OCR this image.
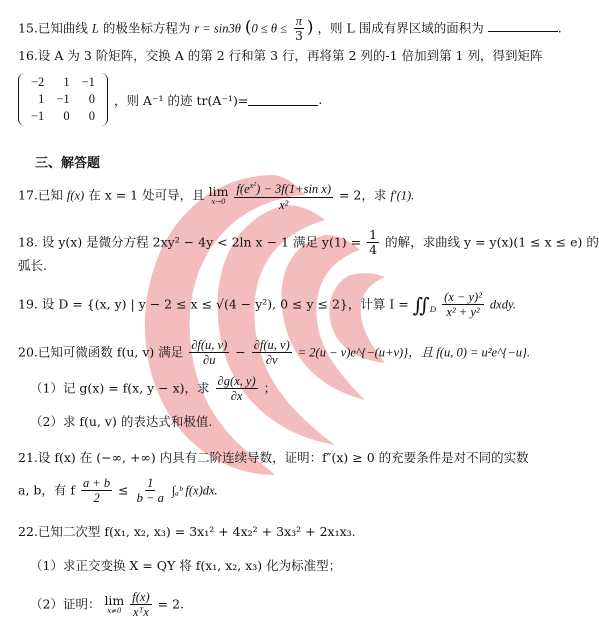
15.已知曲线 L 的极坐标方程为 r = sin3θ ($0 \le \theta \le \frac{\pi}{3}$ ) ，则 L 围成有界区域的面积为	.
16.设 A 为 3 阶矩阵，交换 A 的第 2 行和第 3 行，再将第 2 列的-1 倍加到第 1 列，得到矩阵
−2	1	−1
1	−1	0
−1	0	0
，则 A⁻¹ 的迹 tr(A⁻¹)=	.
三、解答题
17.已知 f(x) 在 x = 1 处可导，且 lim
x→0
$\frac{f(e^{x^2}) - 3f(1+\sin x)}{\text{x²}} = 2$，求 f′(1).
18. 设 y(x) 是微分方程 2xy² − 4y < 2ln x − 1 满足 $y(1) = \frac{1}{4}$ 的解，求曲线 y = y(x)(1 ≤ x ≤ e) 的
弧长.
19. 设 D = {(x, y) | y − 2 ≤ x ≤ √(4 − y²), 0 ≤ y ≤ 2}，计算 $I = ∬_D \frac{\text{(x − y)²}}{\text{x² + y²}}$ dxdy.
20.已知可微函数 f(u, v) 满足 $\frac{\partial f(u, v)}{\partial u} - \frac{\partial f(u, v)}{\partial v} = 2(u$ − v)e^{−(u+v)}，且 f(u, 0) = u²e^{−u}.
（1）记 g(x) = f(x, y − x)，求 $\frac{\partial g(x, y)}{\partial x}$ ；
（2）求 f(u, v) 的表达式和极值.
21.设 f(x) 在 (−∞, +∞) 内具有二阶连续导数，证明：f″(x) ≥ 0 的充要条件是对不同的实数
a, b，有 f $\frac{a + b}{2} \le \frac{1}{b - a}$ ∫ₐᵇ f(x)dx.
22.已知二次型 f(x₁, x₂, x₃) = 3x₁² + 4x₂² + 3x₃² + 2x₁x₃.
（1）求正交变换 X = QY 将 f(x₁, x₂, x₃) 化为标准型；
（2）证明： lim
x≠0
$\frac{f(x)}{\text{xᵀx}} = 2$.
